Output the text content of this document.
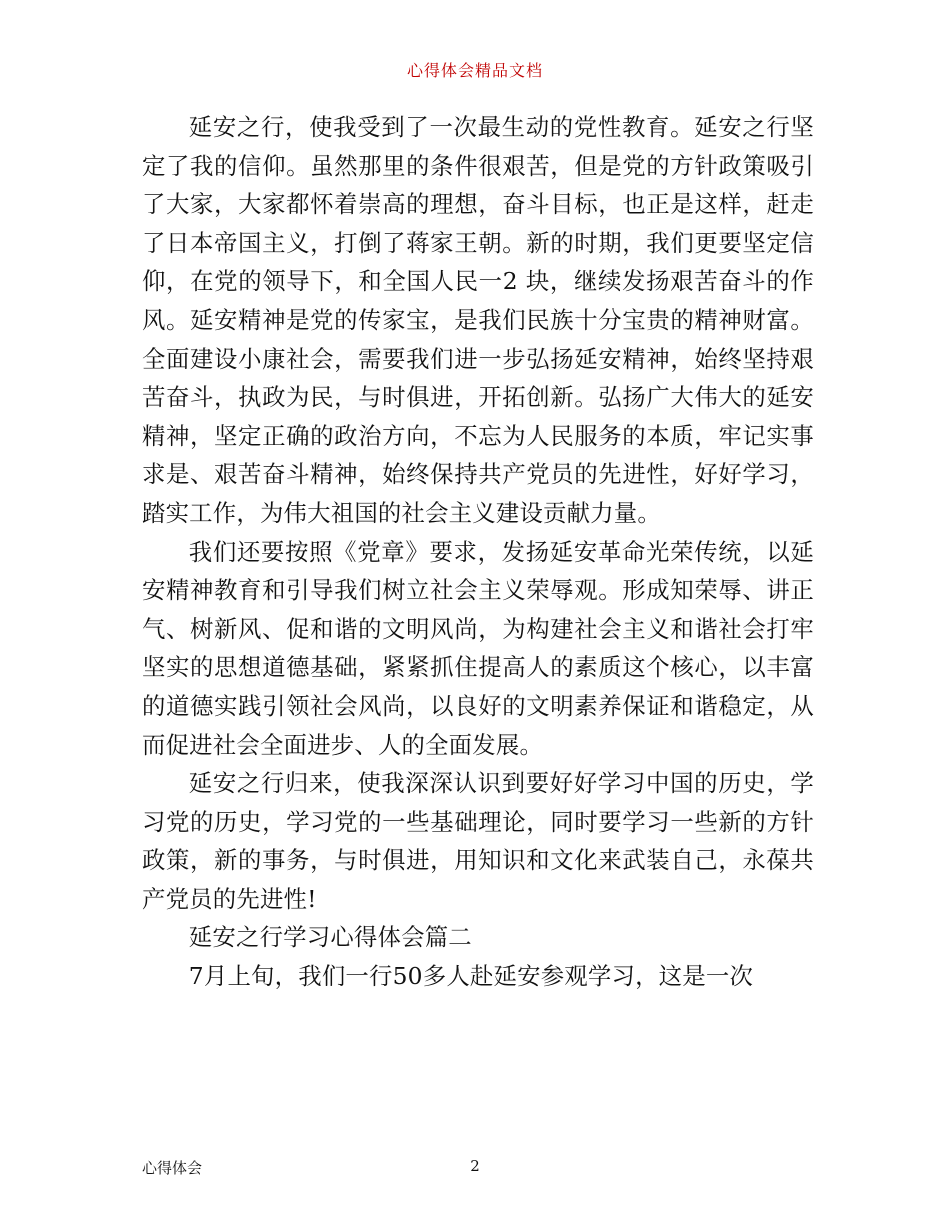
心得体会精品文档

延安之行，使我受到了一次最生动的党性教育。延安之行坚定了我的信仰。虽然那里的条件很艰苦，但是党的方针政策吸引了大家，大家都怀着崇高的理想，奋斗目标，也正是这样，赶走了日本帝国主义，打倒了蒋家王朝。新的时期，我们更要坚定信仰，在党的领导下，和全国人民一2 块，继续发扬艰苦奋斗的作风。延安精神是党的传家宝，是我们民族十分宝贵的精神财富。全面建设小康社会，需要我们进一步弘扬延安精神，始终坚持艰苦奋斗，执政为民，与时俱进，开拓创新。弘扬广大伟大的延安精神，坚定正确的政治方向，不忘为人民服务的本质，牢记实事求是、艰苦奋斗精神，始终保持共产党员的先进性，好好学习，踏实工作，为伟大祖国的社会主义建设贡献力量。

我们还要按照《党章》要求，发扬延安革命光荣传统，以延安精神教育和引导我们树立社会主义荣辱观。形成知荣辱、讲正气、树新风、促和谐的文明风尚，为构建社会主义和谐社会打牢坚实的思想道德基础，紧紧抓住提高人的素质这个核心，以丰富的道德实践引领社会风尚，以良好的文明素养保证和谐稳定，从而促进社会全面进步、人的全面发展。

延安之行归来，使我深深认识到要好好学习中国的历史，学习党的历史，学习党的一些基础理论，同时要学习一些新的方针政策，新的事务，与时俱进，用知识和文化来武装自己，永葆共产党员的先进性!

延安之行学习心得体会篇二

7月上旬，我们一行50多人赴延安参观学习，这是一次

心得体会	2
